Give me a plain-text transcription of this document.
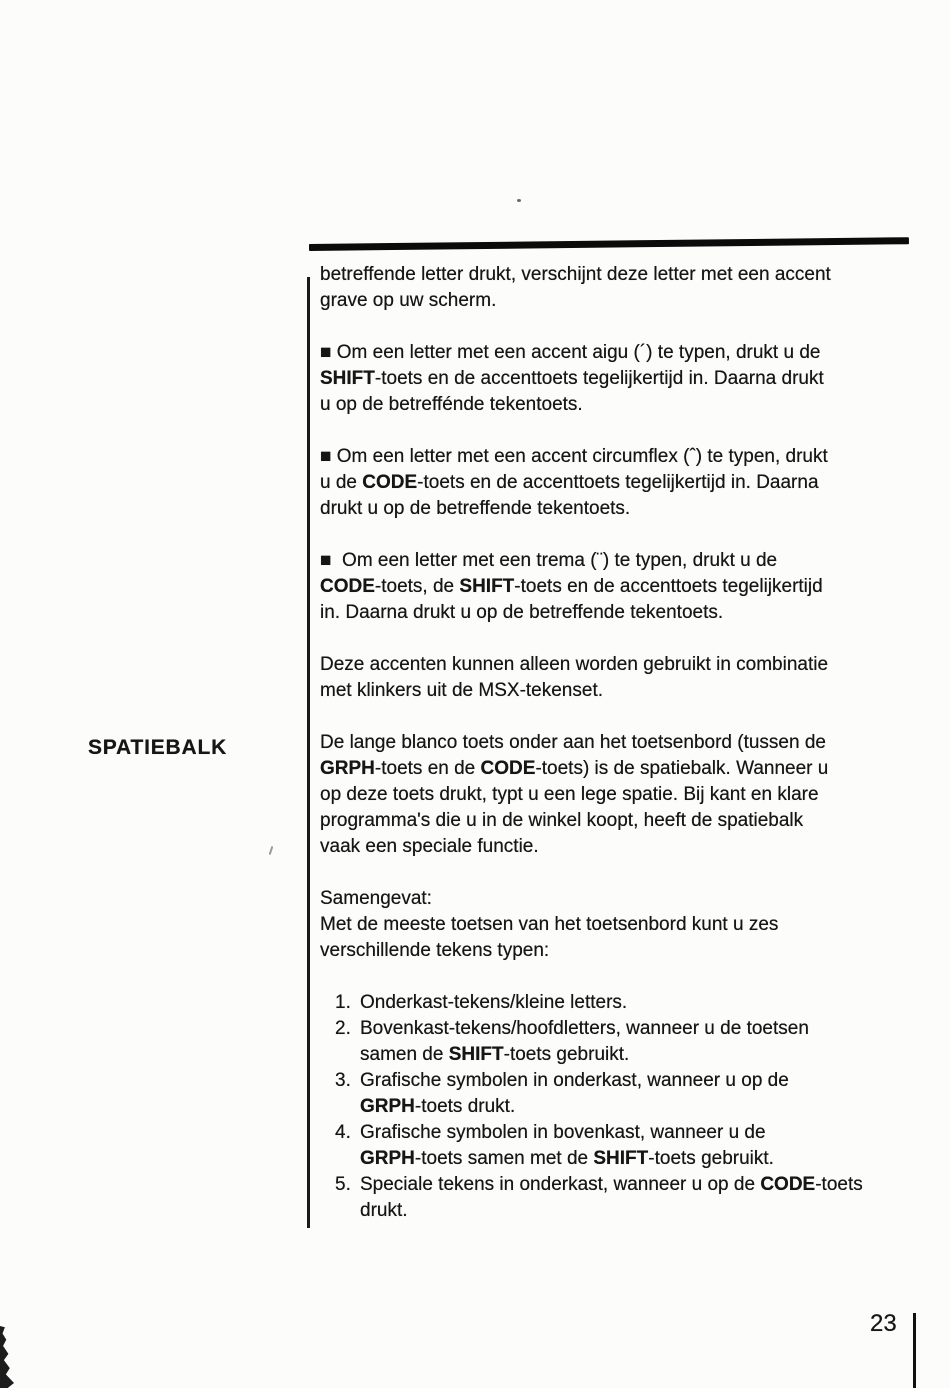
SPATIEBALK
betreffende letter drukt, verschijnt deze letter met een accent
grave op uw scherm.
■ Om een letter met een accent aigu (´) te typen, drukt u de
SHIFT-toets en de accenttoets tegelijkertijd in. Daarna drukt
u op de betreffénde tekentoets.
■ Om een letter met een accent circumflex (ˆ) te typen, drukt
u de CODE-toets en de accenttoets tegelijkertijd in. Daarna
drukt u op de betreffende tekentoets.
■  Om een letter met een trema (¨) te typen, drukt u de
CODE-toets, de SHIFT-toets en de accenttoets tegelijkertijd
in. Daarna drukt u op de betreffende tekentoets.
Deze accenten kunnen alleen worden gebruikt in combinatie
met klinkers uit de MSX-tekenset.
De lange blanco toets onder aan het toetsenbord (tussen de
GRPH-toets en de CODE-toets) is de spatiebalk. Wanneer u
op deze toets drukt, typt u een lege spatie. Bij kant en klare
programma's die u in de winkel koopt, heeft de spatiebalk
vaak een speciale functie.
Samengevat:
Met de meeste toetsen van het toetsenbord kunt u zes
verschillende tekens typen:
1. Onderkast-tekens/kleine letters.
2. Bovenkast-tekens/hoofdletters, wanneer u de toetsen
samen de SHIFT-toets gebruikt.
3. Grafische symbolen in onderkast, wanneer u op de
GRPH-toets drukt.
4. Grafische symbolen in bovenkast, wanneer u de
GRPH-toets samen met de SHIFT-toets gebruikt.
5. Speciale tekens in onderkast, wanneer u op de CODE-toets
drukt.
23
